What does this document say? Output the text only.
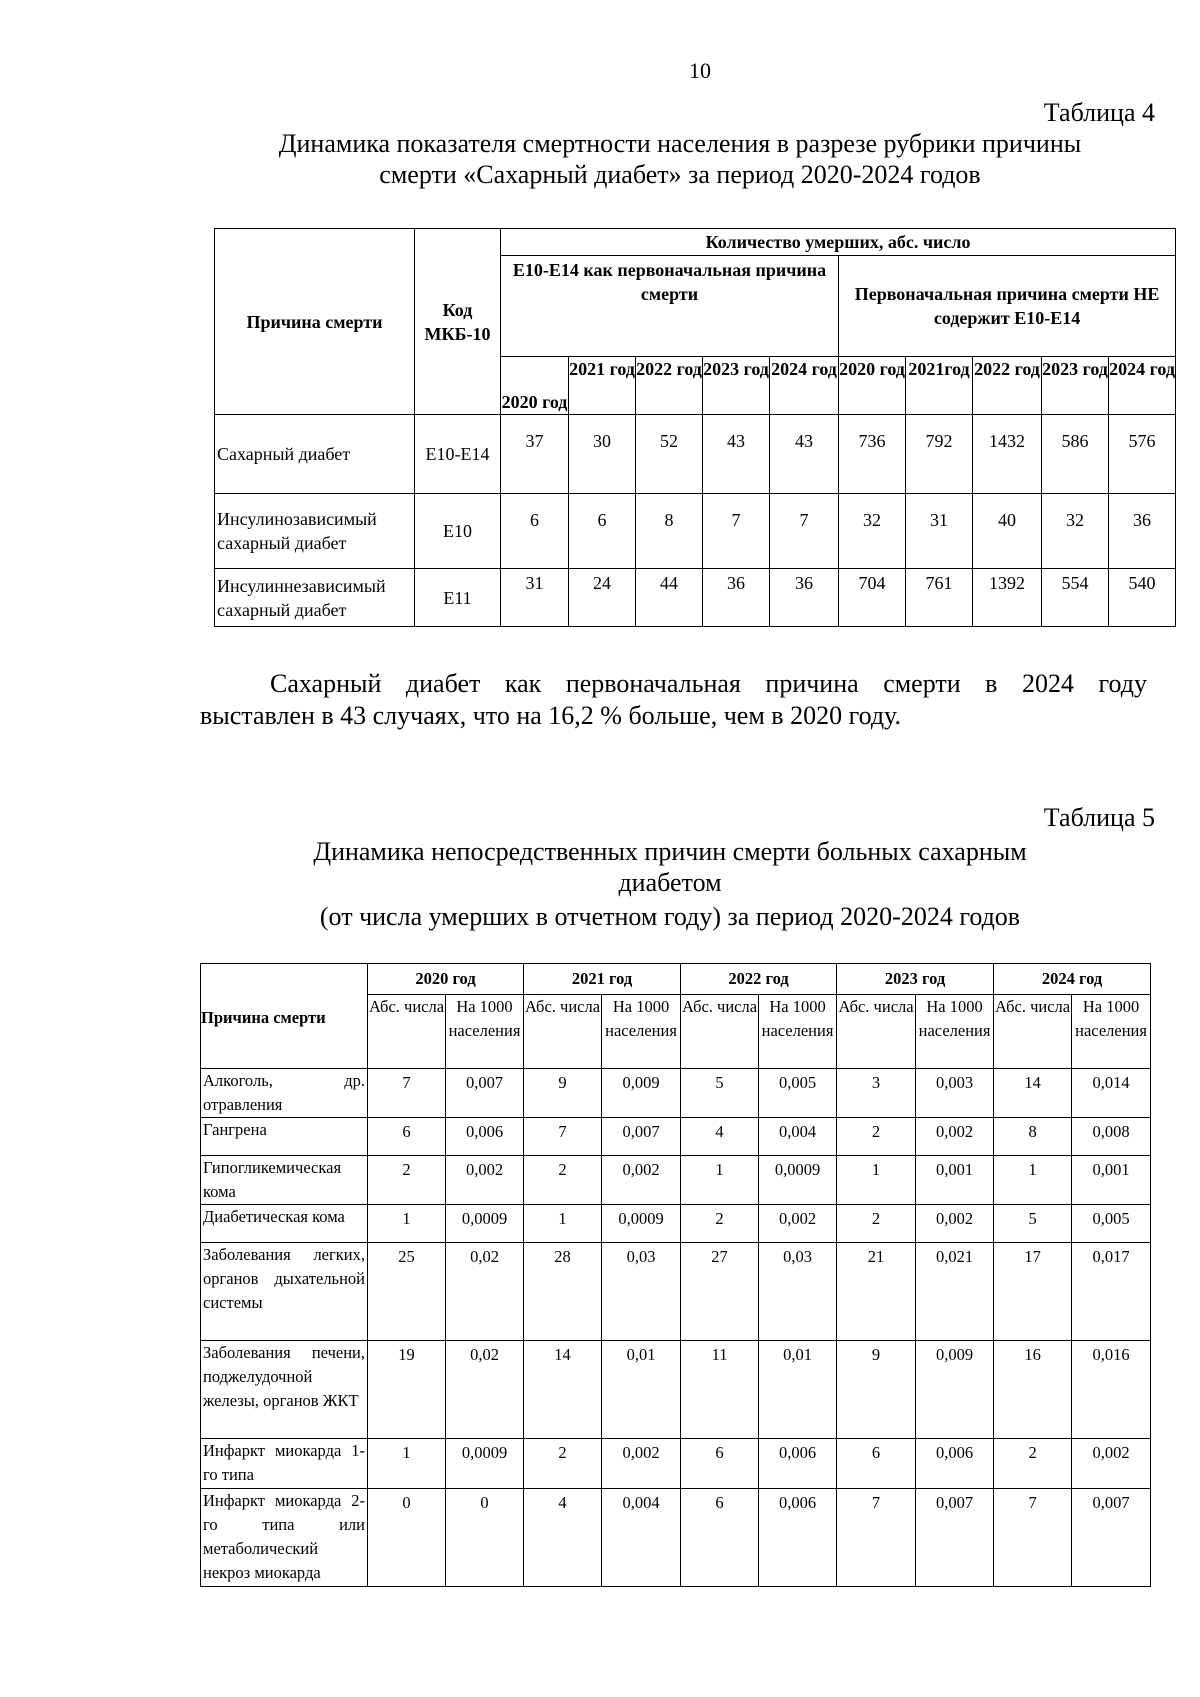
10
Таблица 4
Динамика показателя смертности населения в разрезе рубрики причины
смерти «Сахарный диабет» за период 2020-2024 годов
Причина смерти	Код МКБ-10	Количество умерших, абс. число									
		E10-E14 как первоначальная причина смерти					Первоначальная причина смерти НЕ содержит E10-E14				
		2020 год	2021 год	2022 год	2023 год	2024 год	2020 год	2021год	2022 год	2023 год	2024 год
Сахарный диабет	E10-E14	37	30	52	43	43	736	792	1432	586	576
Инсулинозависимый сахарный диабет	E10	6	6	8	7	7	32	31	40	32	36
Инсулиннезависимый сахарный диабет	E11	31	24	44	36	36	704	761	1392	554	540
Сахарный диабет как первоначальная причина смерти в 2024 году
выставлен в 43 случаях, что на 16,2 % больше, чем в 2020 году.
Таблица 5
Динамика непосредственных причин смерти больных сахарным
диабетом
(от числа умерших в отчетном году) за период 2020-2024 годов
Причина смерти	2020 год		2021 год		2022 год		2023 год		2024 год	
	Абс. числа	На 1000 населения	Абс. числа	На 1000 населения	Абс. числа	На 1000 населения	Абс. числа	На 1000 населения	Абс. числа	На 1000 населения
Алкоголь, др. отравления	7	0,007	9	0,009	5	0,005	3	0,003	14	0,014
Гангрена	6	0,006	7	0,007	4	0,004	2	0,002	8	0,008
Гипогликемическая кома	2	0,002	2	0,002	1	0,0009	1	0,001	1	0,001
Диабетическая кома	1	0,0009	1	0,0009	2	0,002	2	0,002	5	0,005
Заболевания легких, органов дыхательной системы	25	0,02	28	0,03	27	0,03	21	0,021	17	0,017
Заболевания печени, поджелудочной железы, органов ЖКТ	19	0,02	14	0,01	11	0,01	9	0,009	16	0,016
Инфаркт миокарда 1-го типа	1	0,0009	2	0,002	6	0,006	6	0,006	2	0,002
Инфаркт миокарда 2-го типа или метаболический некроз миокарда	0	0	4	0,004	6	0,006	7	0,007	7	0,007
